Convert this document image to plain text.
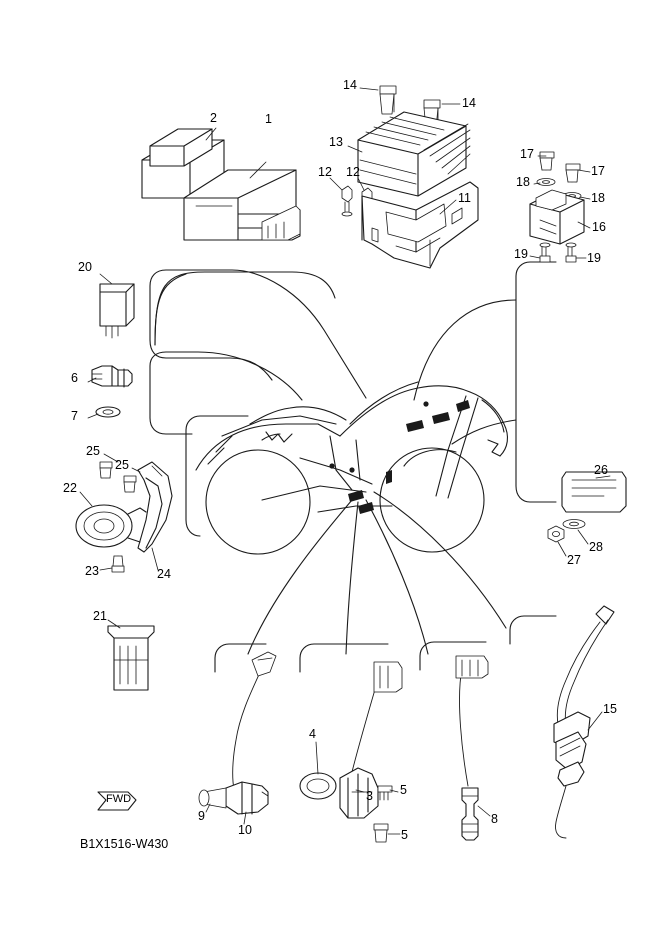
1
2
6
7
20
12 12
13
14
14
11
17
17
18
18
16
19	19
25
25
22
23	24
26
28
27
21
9
10
4
3 5
5
8
15
FWD
B1X1516-W430
